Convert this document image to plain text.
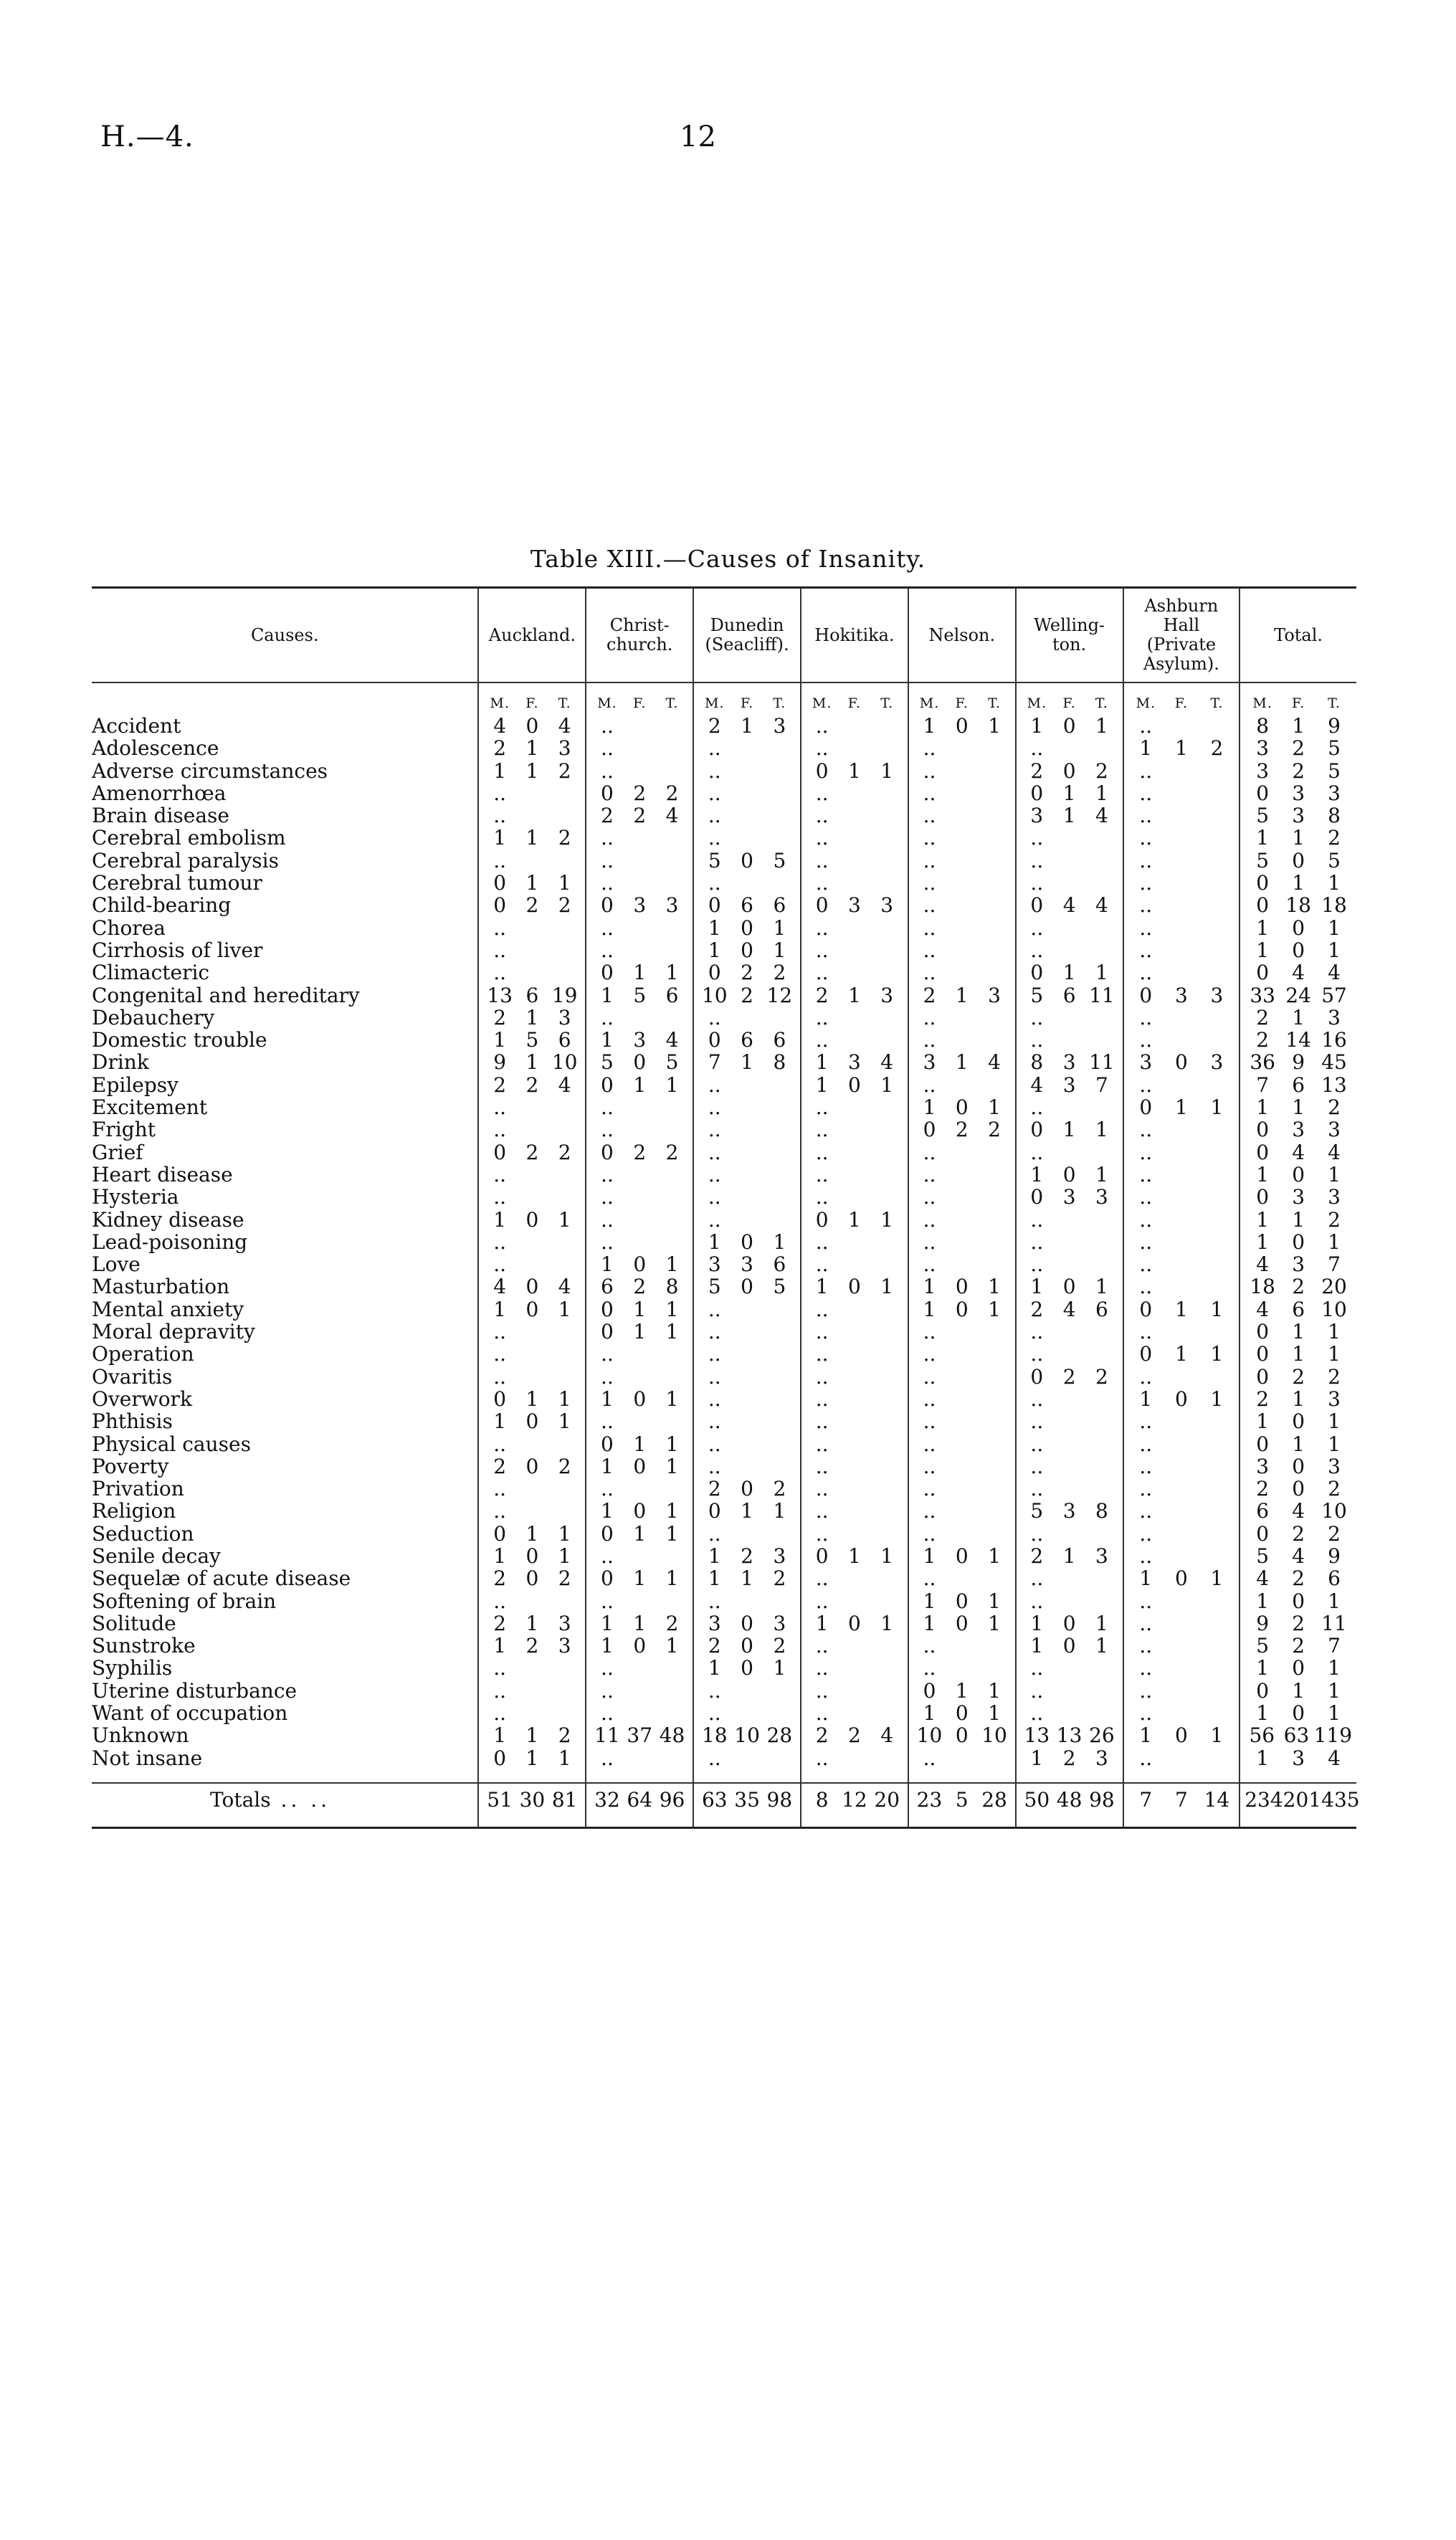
H.—4.	12
Table XIII.—Causes of Insanity.

Causes.	Auckland.	Christ-
church.	Dunedin
(Seacliff).	Hokitika.	Nelson.	Welling-
ton.	Ashburn
Hall
(Private
Asylum).	Total.

	M. F. T.	M. F. T.	M. F. T.	M. F. T.	M. F. T.	M. F. T.	M. F. T.	M. F. T.

Accident	4 0 4	..	2 1 3	..	1 0 1	1 0 1	..	8 1 9

Adolescence	2 1 3	..	..	..	..	..	1 1 2	3 2 5

Adverse circumstances	1 1 2	..	..	0 1 1	..	2 0 2	..	3 2 5

Amenorrhœa	..	0 2 2	..	..	..	0 1 1	..	0 3 3

Brain disease	..	2 2 4	..	..	..	3 1 4	..	5 3 8

Cerebral embolism	1 1 2	..	..	..	..	..	..	1 1 2

Cerebral paralysis	..	..	5 0 5	..	..	..	..	5 0 5

Cerebral tumour	0 1 1	..	..	..	..	..	..	0 1 1

Child-bearing	0 2 2	0 3 3	0 6 6	0 3 3	..	0 4 4	..	0 18 18

Chorea	..	..	1 0 1	..	..	..	..	1 0 1

Cirrhosis of liver	..	..	1 0 1	..	..	..	..	1 0 1

Climacteric	..	0 1 1	0 2 2	..	..	0 1 1	..	0 4 4

Congenital and hereditary	13 6 19	1 5 6	10 2 12	2 1 3	2 1 3	5 6 11	0 3 3	33 24 57

Debauchery	2 1 3	..	..	..	..	..	..	2 1 3

Domestic trouble	1 5 6	1 3 4	0 6 6	..	..	..	..	2 14 16

Drink	9 1 10	5 0 5	7 1 8	1 3 4	3 1 4	8 3 11	3 0 3	36 9 45

Epilepsy	2 2 4	0 1 1	..	1 0 1	..	4 3 7	..	7 6 13

Excitement	..	..	..	..	1 0 1	..	0 1 1	1 1 2

Fright	..	..	..	..	0 2 2	0 1 1	..	0 3 3

Grief	0 2 2	0 2 2	..	..	..	..	..	0 4 4

Heart disease	..	..	..	..	..	1 0 1	..	1 0 1

Hysteria	..	..	..	..	..	0 3 3	..	0 3 3

Kidney disease	1 0 1	..	..	0 1 1	..	..	..	1 1 2

Lead-poisoning	..	..	1 0 1	..	..	..	..	1 0 1

Love	..	1 0 1	3 3 6	..	..	..	..	4 3 7

Masturbation	4 0 4	6 2 8	5 0 5	1 0 1	1 0 1	1 0 1	..	18 2 20

Mental anxiety	1 0 1	0 1 1	..	..	1 0 1	2 4 6	0 1 1	4 6 10

Moral depravity	..	0 1 1	..	..	..	..	..	0 1 1

Operation	..	..	..	..	..	..	0 1 1	0 1 1

Ovaritis	..	..	..	..	..	0 2 2	..	0 2 2

Overwork	0 1 1	1 0 1	..	..	..	..	1 0 1	2 1 3

Phthisis	1 0 1	..	..	..	..	..	..	1 0 1

Physical causes	..	0 1 1	..	..	..	..	..	0 1 1

Poverty	2 0 2	1 0 1	..	..	..	..	..	3 0 3

Privation	..	..	2 0 2	..	..	..	..	2 0 2

Religion	..	1 0 1	0 1 1	..	..	5 3 8	..	6 4 10

Seduction	0 1 1	0 1 1	..	..	..	..	..	0 2 2

Senile decay	1 0 1	..	1 2 3	0 1 1	1 0 1	2 1 3	..	5 4 9

Sequelæ of acute disease	2 0 2	0 1 1	1 1 2	..	..	..	1 0 1	4 2 6

Softening of brain	..	..	..	..	1 0 1	..	..	1 0 1

Solitude	2 1 3	1 1 2	3 0 3	1 0 1	1 0 1	1 0 1	..	9 2 11

Sunstroke	1 2 3	1 0 1	2 0 2	..	..	1 0 1	..	5 2 7

Syphilis	..	..	1 0 1	..	..	..	..	1 0 1

Uterine disturbance	..	..	..	..	0 1 1	..	..	0 1 1

Want of occupation	..	..	..	..	1 0 1	..	..	1 0 1

Unknown	1 1 2	11 37 48	18 10 28	2 2 4	10 0 10	13 13 26	1 0 1	56 63 119

Not insane	0 1 1	..	..	..	..	1 2 3	..	1 3 4

Totals .. ..	51 30 81	32 64 96	63 35 98	8 12 20	23 5 28	50 48 98	7 7 14	234 201 435
